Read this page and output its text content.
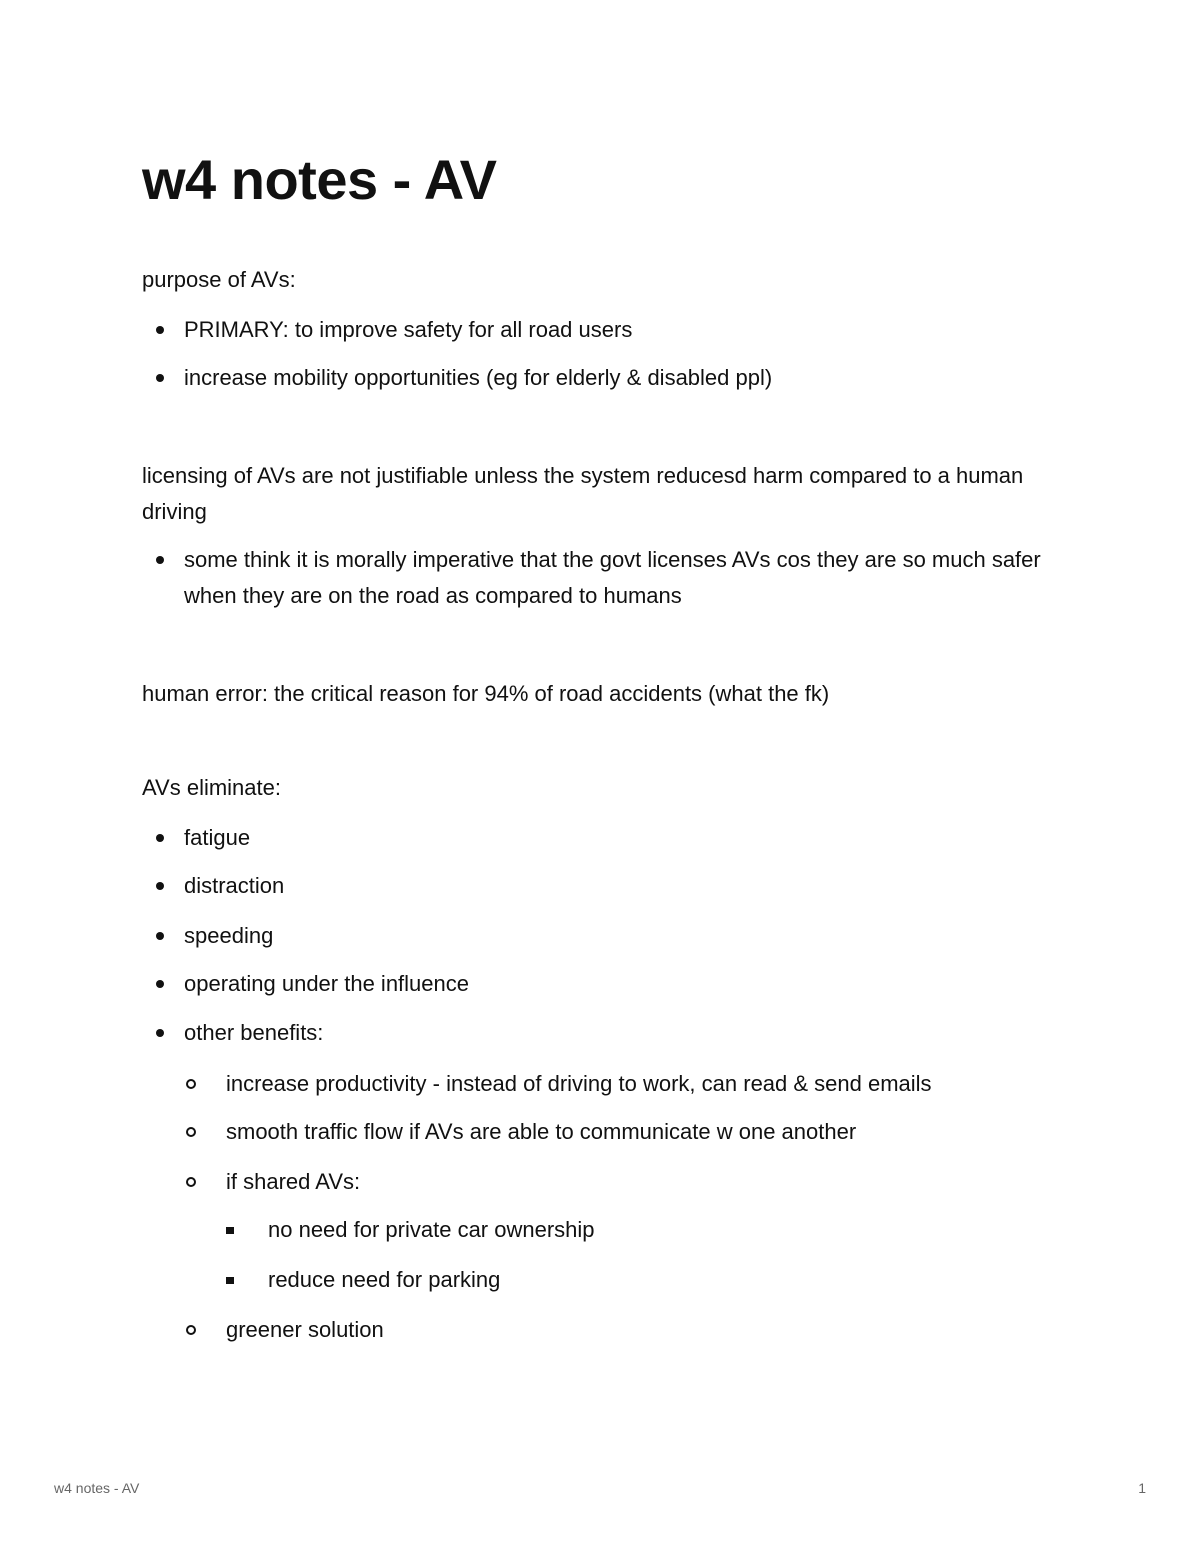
w4 notes - AV

purpose of AVs:

PRIMARY: to improve safety for all road users
increase mobility opportunities (eg for elderly & disabled ppl)

licensing of AVs are not justifiable unless the system reducesd harm compared to a human driving

some think it is morally imperative that the govt licenses AVs cos they are so much safer when they are on the road as compared to humans

human error: the critical reason for 94% of road accidents (what the fk)

AVs eliminate:

fatigue
distraction
speeding
operating under the influence
other benefits:
increase productivity - instead of driving to work, can read & send emails
smooth traffic flow if AVs are able to communicate w one another
if shared AVs:
no need for private car ownership
reduce need for parking
greener solution
w4 notes - AV	1
